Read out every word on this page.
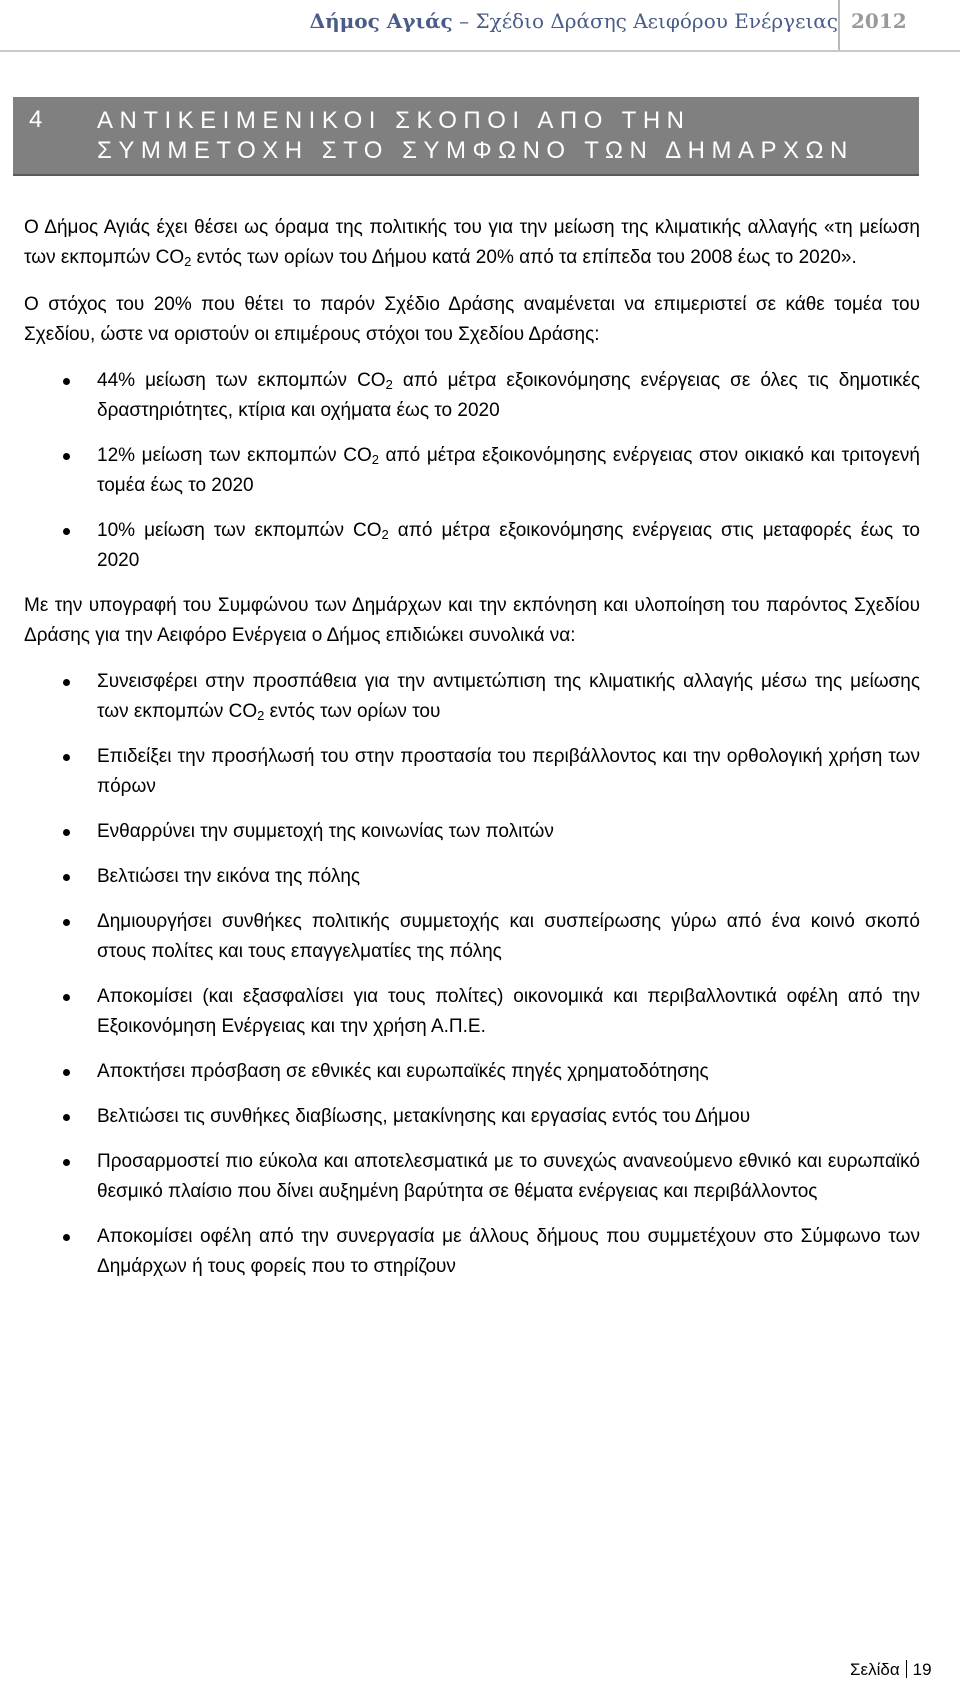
Δήμος Αγιάς – Σχέδιο Δράσης Αειφόρου Ενέργειας 2012
4 ΑΝΤΙΚΕΙΜΕΝΙΚΟΙ ΣΚΟΠΟΙ ΑΠΟ ΤΗΝ ΣΥΜΜΕΤΟΧΗ ΣΤΟ ΣΥΜΦΩΝΟ ΤΩΝ ΔΗΜΑΡΧΩΝ

Ο Δήμος Αγιάς έχει θέσει ως όραμα της πολιτικής του για την μείωση της κλιματικής αλλαγής «τη μείωση των εκπομπών $CO_2$ εντός των ορίων του Δήμου κατά 20% από τα επίπεδα του 2008 έως το 2020».

Ο στόχος του 20% που θέτει το παρόν Σχέδιο Δράσης αναμένεται να επιμεριστεί σε κάθε τομέα του Σχεδίου, ώστε να οριστούν οι επιμέρους στόχοι του Σχεδίου Δράσης:

44% μείωση των εκπομπών $CO_2$ από μέτρα εξοικονόμησης ενέργειας σε όλες τις δημοτικές δραστηριότητες, κτίρια και οχήματα έως το 2020
12% μείωση των εκπομπών $CO_2$ από μέτρα εξοικονόμησης ενέργειας στον οικιακό και τριτογενή τομέα έως το 2020
10% μείωση των εκπομπών $CO_2$ από μέτρα εξοικονόμησης ενέργειας στις μεταφορές έως το 2020

Με την υπογραφή του Συμφώνου των Δημάρχων και την εκπόνηση και υλοποίηση του παρόντος Σχεδίου Δράσης για την Αειφόρο Ενέργεια ο Δήμος επιδιώκει συνολικά να:

Συνεισφέρει στην προσπάθεια για την αντιμετώπιση της κλιματικής αλλαγής μέσω της μείωσης των εκπομπών $CO_2$ εντός των ορίων του
Επιδείξει την προσήλωσή του στην προστασία του περιβάλλοντος και την ορθολογική χρήση των πόρων
Ενθαρρύνει την συμμετοχή της κοινωνίας των πολιτών
Βελτιώσει την εικόνα της πόλης
Δημιουργήσει συνθήκες πολιτικής συμμετοχής και συσπείρωσης γύρω από ένα κοινό σκοπό στους πολίτες και τους επαγγελματίες της πόλης
Αποκομίσει (και εξασφαλίσει για τους πολίτες) οικονομικά και περιβαλλοντικά οφέλη από την Εξοικονόμηση Ενέργειας και την χρήση Α.Π.Ε.
Αποκτήσει πρόσβαση σε εθνικές και ευρωπαϊκές πηγές χρηματοδότησης
Βελτιώσει τις συνθήκες διαβίωσης, μετακίνησης και εργασίας εντός του Δήμου
Προσαρμοστεί πιο εύκολα και αποτελεσματικά με το συνεχώς ανανεούμενο εθνικό και ευρωπαϊκό θεσμικό πλαίσιο που δίνει αυξημένη βαρύτητα σε θέματα ενέργειας και περιβάλλοντος
Αποκομίσει οφέλη από την συνεργασία με άλλους δήμους που συμμετέχουν στο Σύμφωνο των Δημάρχων ή τους φορείς που το στηρίζουν
Σελίδα 19
